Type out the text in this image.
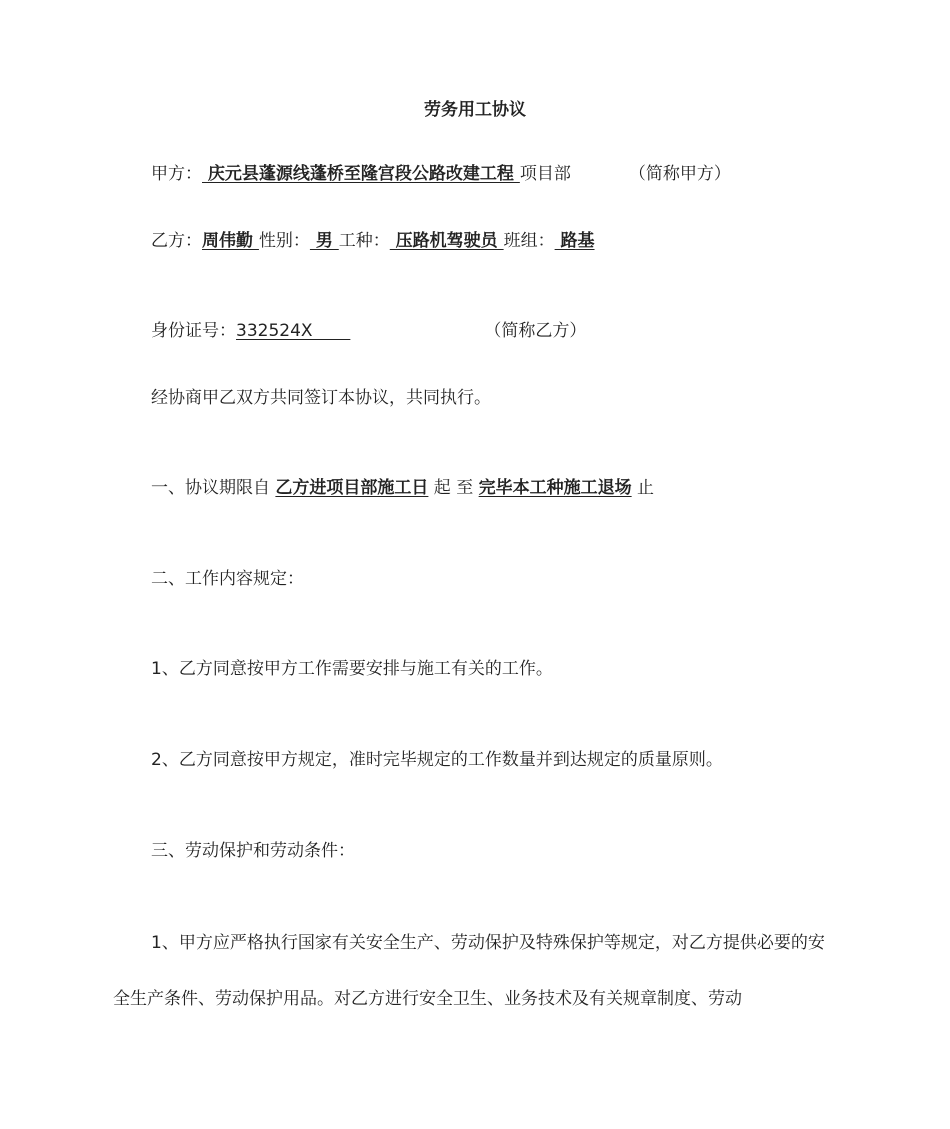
劳务用工协议
甲方： 庆元县蓬源线蓬桥至隆宫段公路改建工程 项目部	（简称甲方）
乙方：周伟勤 性别： 男 工种： 压路机驾驶员 班组： 路基
身份证号：332524X	（简称乙方）
经协商甲乙双方共同签订本协议，共同执行。
一、协议期限自 乙方进项目部施工日 起 至 完毕本工种施工退场 止
二、工作内容规定：
1、乙方同意按甲方工作需要安排与施工有关的工作。
2、乙方同意按甲方规定，准时完毕规定的工作数量并到达规定的质量原则。
三、劳动保护和劳动条件：
1、甲方应严格执行国家有关安全生产、劳动保护及特殊保护等规定，对乙方提供必要的安全生产条件、劳动保护用品。对乙方进行安全卫生、业务技术及有关规章制度、劳动
